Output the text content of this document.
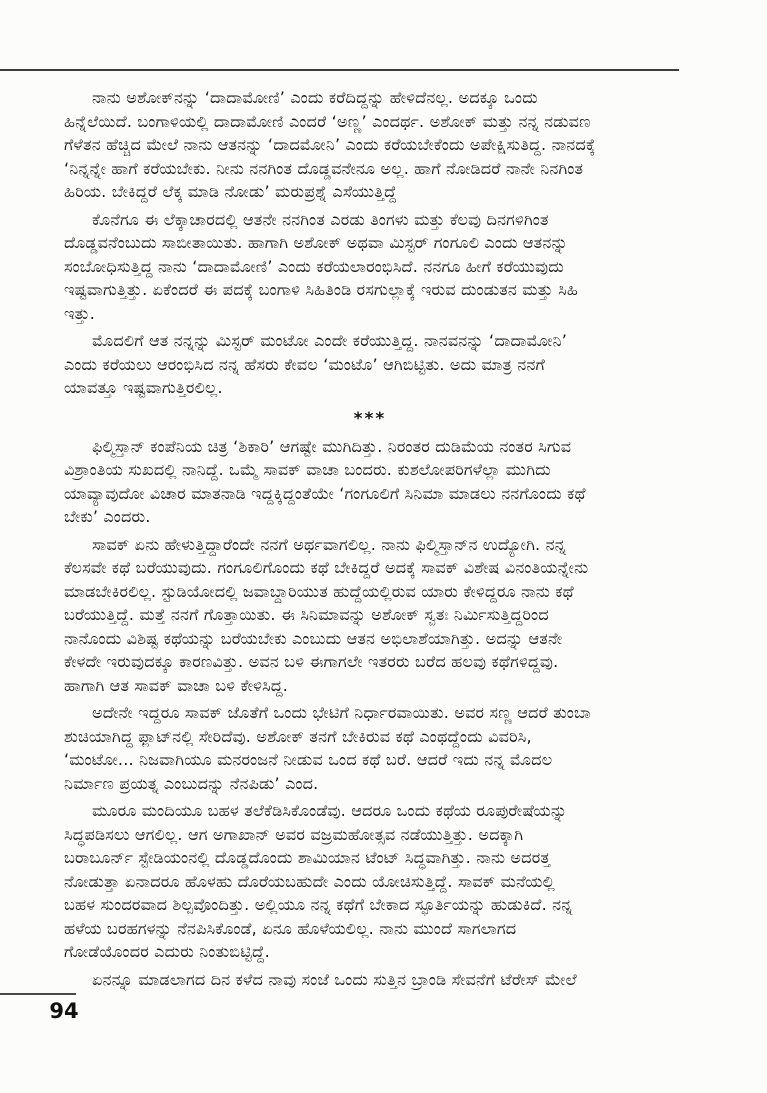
ನಾನು ಅಶೋಕ್‌ನನ್ನು ‘ದಾದಾಮೋಣಿ’ ಎಂದು ಕರೆದಿದ್ದನ್ನು ಹೇಳಿದೆನಲ್ಲ. ಅದಕ್ಕೂ ಒಂದು
ಹಿನ್ನೆಲೆಯಿದೆ. ಬಂಗಾಳಿಯಲ್ಲಿ ದಾದಾಮೋಣಿ ಎಂದರೆ ‘ಅಣ್ಣ’ ಎಂದರ್ಥ. ಅಶೋಕ್ ಮತ್ತು ನನ್ನ ನಡುವಣ
ಗೆಳೆತನ ಹೆಚ್ಚಿದ ಮೇಲೆ ನಾನು ಆತನನ್ನು ‘ದಾದಮೋನಿ’ ಎಂದು ಕರೆಯಬೇಕೆಂದು ಅಪೇಕ್ಷಿಸುತಿದ್ದ. ನಾನದಕ್ಕೆ
‘ನಿನ್ನನ್ನೇ ಹಾಗೆ ಕರೆಯಬೇಕು. ನೀನು ನನಗಿಂತ ದೊಡ್ಡವನೇನೂ ಅಲ್ಲ. ಹಾಗೆ ನೋಡಿದರೆ ನಾನೇ ನಿನಗಿಂತ
ಹಿರಿಯ. ಬೇಕಿದ್ದರೆ ಲೆಕ್ಕ ಮಾಡಿ ನೋಡು’ ಮರುಪ್ರಶ್ನೆ ಎಸೆಯುತ್ತಿದ್ದೆ
ಕೊನೆಗೂ ಈ ಲೆಕ್ಕಾಚಾರದಲ್ಲಿ ಆತನೇ ನನಗಿಂತ ಎರಡು ತಿಂಗಳು ಮತ್ತು ಕೆಲವು ದಿನಗಳಿಗಿಂತ
ದೊಡ್ಡವನೆಂಬುದು ಸಾಬೀತಾಯಿತು. ಹಾಗಾಗಿ ಅಶೋಕ್ ಅಥವಾ ಮಿಸ್ಟರ್ ಗಂಗೂಲಿ ಎಂದು ಆತನನ್ನು
ಸಂಬೋಧಿಸುತ್ತಿದ್ದ ನಾನು ‘ದಾದಾಮೋಣಿ’ ಎಂದು ಕರೆಯಲಾರಂಭಿಸಿದೆ. ನನಗೂ ಹೀಗೆ ಕರೆಯುವುದು
ಇಷ್ಟವಾಗುತ್ತಿತ್ತು. ಏಕೆಂದರೆ ಈ ಪದಕ್ಕೆ ಬಂಗಾಳಿ ಸಿಹಿತಿಂಡಿ ರಸಗುಲ್ಲಾಕ್ಕೆ ಇರುವ ದುಂಡುತನ ಮತ್ತು ಸಿಹಿ
ಇತ್ತು.
ಮೊದಲಿಗೆ ಆತ ನನ್ನನ್ನು ಮಿಸ್ಟರ್ ಮಂಟೋ ಎಂದೇ ಕರೆಯುತ್ತಿದ್ದ. ನಾನವನನ್ನು ‘ದಾದಾಮೋನಿ’
ಎಂದು ಕರೆಯಲು ಆರಂಭಿಸಿದ ನನ್ನ ಹೆಸರು ಕೇವಲ ‘ಮಂಟೊ’ ಆಗಿಬಿಟ್ಟಿತು. ಅದು ಮಾತ್ರ ನನಗೆ
ಯಾವತ್ತೂ ಇಷ್ಟವಾಗುತ್ತಿರಲಿಲ್ಲ.
***
ಫಿಲ್ಮಿಸ್ತಾನ್ ಕಂಪೆನಿಯ ಚಿತ್ರ ‘ಶಿಕಾರಿ’ ಆಗಷ್ಟೇ ಮುಗಿದಿತ್ತು. ನಿರಂತರ ದುಡಿಮೆಯ ನಂತರ ಸಿಗುವ
ವಿಶ್ರಾಂತಿಯ ಸುಖದಲ್ಲಿ ನಾನಿದ್ದೆ. ಒಮ್ಮೆ ಸಾವಕ್ ವಾಚಾ ಬಂದರು. ಕುಶಲೋಪರಿಗಳೆಲ್ಲಾ ಮುಗಿದು
ಯಾವ್ಯಾವುದೋ ವಿಚಾರ ಮಾತನಾಡಿ ಇದ್ದಕ್ಕಿದ್ದಂತೆಯೇ ‘ಗಂಗೂಲಿಗೆ ಸಿನಿಮಾ ಮಾಡಲು ನನಗೊಂದು ಕಥೆ
ಬೇಕು’ ಎಂದರು.
ಸಾವಕ್ ಏನು ಹೇಳುತ್ತಿದ್ದಾರೆಂದೇ ನನಗೆ ಅರ್ಥವಾಗಲಿಲ್ಲ. ನಾನು ಫಿಲ್ಮಿಸ್ತಾನ್‌ನ ಉದ್ಯೋಗಿ. ನನ್ನ
ಕೆಲಸವೇ ಕಥೆ ಬರೆಯುವುದು. ಗಂಗೂಲಿಗೊಂದು ಕಥೆ ಬೇಕಿದ್ದರೆ ಅದಕ್ಕೆ ಸಾವಕ್ ವಿಶೇಷ ವಿನಂತಿಯನ್ನೇನು
ಮಾಡಬೇಕಿರಲಿಲ್ಲ. ಸ್ಟುಡಿಯೋದಲ್ಲಿ ಜವಾಬ್ದಾರಿಯುತ ಹುದ್ದೆಯಲ್ಲಿರುವ ಯಾರು ಕೇಳಿದ್ದರೂ ನಾನು ಕಥೆ
ಬರೆಯುತ್ತಿದ್ದೆ. ಮತ್ತೆ ನನಗೆ ಗೊತ್ತಾಯಿತು. ಈ ಸಿನಿಮಾವನ್ನು ಅಶೋಕ್ ಸ್ವತಃ ನಿರ್ಮಿಸುತ್ತಿದ್ದರಿಂದ
ನಾನೊಂದು ವಿಶಿಷ್ಟ ಕಥೆಯನ್ನು ಬರೆಯಬೇಕು ಎಂಬುದು ಆತನ ಅಭಿಲಾಶೆಯಾಗಿತ್ತು. ಅದನ್ನು ಆತನೇ
ಕೇಳದೇ ಇರುವುದಕ್ಕೂ ಕಾರಣವಿತ್ತು. ಅವನ ಬಳಿ ಈಗಾಗಲೇ ಇತರರು ಬರೆದ ಹಲವು ಕಥೆಗಳಿದ್ದವು.
ಹಾಗಾಗಿ ಆತ ಸಾವಕ್ ವಾಚಾ ಬಳಿ ಕೇಳಿಸಿದ್ದ.
ಅದೇನೇ ಇದ್ದರೂ ಸಾವಕ್ ಜೊತೆಗೆ ಒಂದು ಭೇಟಿಗೆ ನಿರ್ಧಾರವಾಯಿತು. ಅವರ ಸಣ್ಣ ಆದರೆ ತುಂಬಾ
ಶುಚಿಯಾಗಿದ್ದ ಫ್ಲಾಟ್‌ನಲ್ಲಿ ಸೇರಿದೆವು. ಅಶೋಕ್ ತನಗೆ ಬೇಕಿರುವ ಕಥೆ ಎಂಥದ್ದೆಂದು ವಿವರಿಸಿ,
‘ಮಂಟೋ... ನಿಜವಾಗಿಯೂ ಮನರಂಜನೆ ನೀಡುವ ಒಂದ ಕಥೆ ಬರೆ. ಆದರೆ ಇದು ನನ್ನ ಮೊದಲ
ನಿರ್ಮಾಣ ಪ್ರಯತ್ನ ಎಂಬುದನ್ನು ನೆನಪಿಡು’ ಎಂದ.
ಮೂರೂ ಮಂದಿಯೂ ಬಹಳ ತಲೆಕೆಡಿಸಿಕೊಂಡೆವು. ಆದರೂ ಒಂದು ಕಥೆಯ ರೂಪುರೇಷೆಯನ್ನು
ಸಿದ್ಧಪಡಿಸಲು ಆಗಲಿಲ್ಲ. ಆಗ ಅಗಾಖಾನ್ ಅವರ ವಜ್ರಮಹೋತ್ಸವ ನಡೆಯುತ್ತಿತ್ತು. ಅದಕ್ಕಾಗಿ
ಬರಾಬೂರ್ನ್ ಸ್ಟೇಡಿಯಂನಲ್ಲಿ ದೊಡ್ಡದೊಂದು ಶಾಮಿಯಾನ ಟೆಂಟ್ ಸಿದ್ಧವಾಗಿತ್ತು. ನಾನು ಅದರತ್ತ
ನೋಡುತ್ತಾ ಏನಾದರೂ ಹೊಳಹು ದೊರೆಯಬಹುದೇ ಎಂದು ಯೋಚಿಸುತ್ತಿದ್ದೆ. ಸಾವಕ್ ಮನೆಯಲ್ಲಿ
ಬಹಳ ಸುಂದರವಾದ ಶಿಲ್ಪವೊಂದಿತ್ತು. ಅಲ್ಲಿಯೂ ನನ್ನ ಕಥೆಗೆ ಬೇಕಾದ ಸ್ಫೂರ್ತಿಯನ್ನು ಹುಡುಕಿದೆ. ನನ್ನ
ಹಳೆಯ ಬರಹಗಳನ್ನು ನೆನಪಿಸಿಕೊಂಡೆ, ಏನೂ ಹೊಳೆಯಲಿಲ್ಲ. ನಾನು ಮುಂದೆ ಸಾಗಲಾಗದ
ಗೋಡೆಯೊಂದರ ಎದುರು ನಿಂತುಬಿಟ್ಟಿದ್ದೆ.
ಏನನ್ನೂ ಮಾಡಲಾಗದ ದಿನ ಕಳೆದ ನಾವು ಸಂಜೆ ಒಂದು ಸುತ್ತಿನ ಬ್ರಾಂಡಿ ಸೇವನೆಗೆ ಟೆರೇಸ್ ಮೇಲೆ
94
